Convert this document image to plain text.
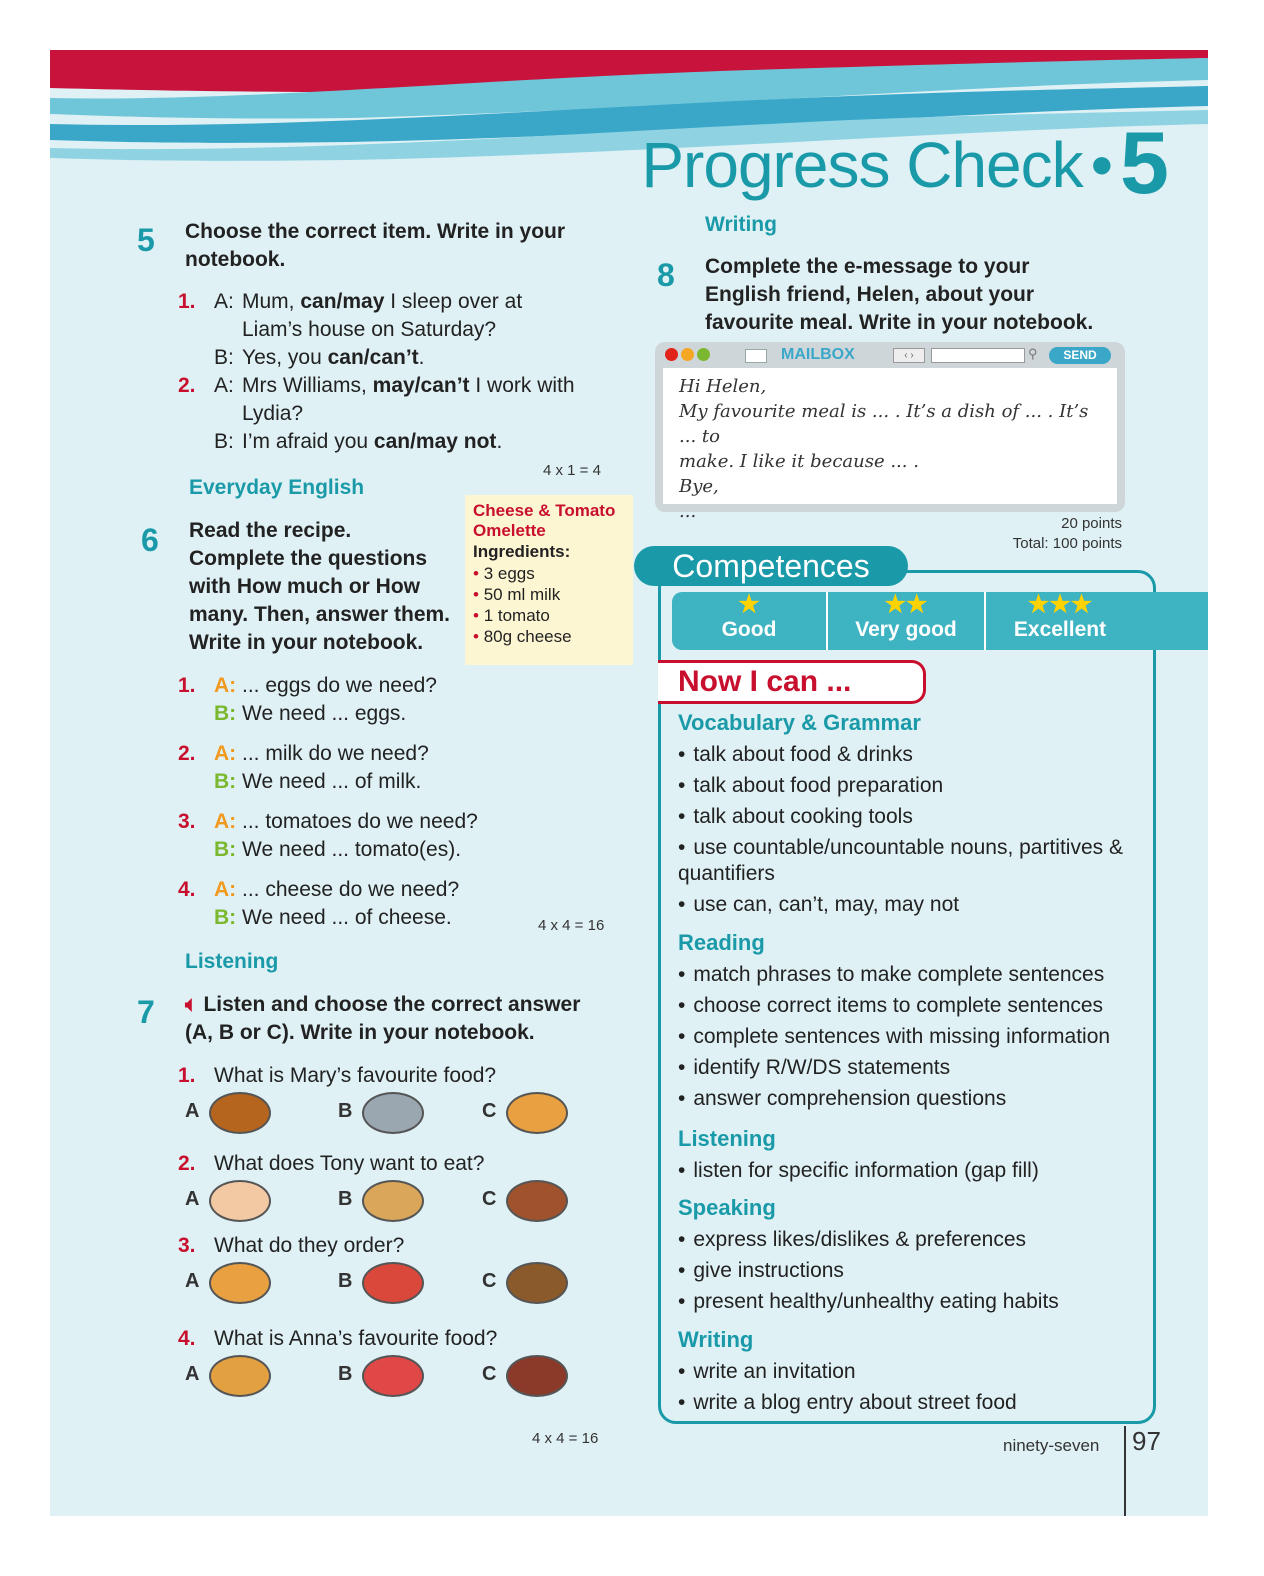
Progress Check •5
5 Choose the correct item. Write in your
notebook.
1. A: Mum, can/may I sleep over at
Liam’s house on Saturday?
B: Yes, you can/can’t.
2. A: Mrs Williams, may/can’t I work with
Lydia?
B: I’m afraid you can/may not.
4 x 1 = 4
Everyday English
6 Read the recipe.
Complete the questions
with How much or How
many. Then, answer them.
Write in your notebook.
Cheese & Tomato Omelette
Ingredients:
• 3 eggs
• 50 ml milk
• 1 tomato
• 80g cheese
1. A: ... eggs do we need?
B: We need ... eggs.
2. A: ... milk do we need?
B: We need ... of milk.
3. A: ... tomatoes do we need?
B: We need ... tomato(es).
4. A: ... cheese do we need?
B: We need ... of cheese.	4 x 4 = 16
Listening
7 🔈︎ Listen and choose the correct answer
(A, B or C). Write in your notebook.
1. What is Mary’s favourite food?
A	B	C
2. What does Tony want to eat?
A	B	C
3. What do they order?
A	B	C
4. What is Anna’s favourite food?
A	B	C
4 x 4 = 16
Writing
8 Complete the e-message to your
English friend, Helen, about your
favourite meal. Write in your notebook.
MAILBOX	‹ ›	⚲	SEND
Hi Helen,
My favourite meal is ... . It’s a dish of ... . It’s ... to
make. I like it because ... .
Bye,
...
20 points
Total: 100 points
Competences
★
Good
★★
Very good
★★★
Excellent
Now I can ...
Vocabulary & Grammar
• talk about food & drinks
• talk about food preparation
• talk about cooking tools
• use countable/uncountable nouns, partitives & quantifiers
• use can, can’t, may, may not
Reading
• match phrases to make complete sentences
• choose correct items to complete sentences
• complete sentences with missing information
• identify R/W/DS statements
• answer comprehension questions
Listening
• listen for specific information (gap fill)
Speaking
• express likes/dislikes & preferences
• give instructions
• present healthy/unhealthy eating habits
Writing
• write an invitation
• write a blog entry about street food
ninety-seven 97
